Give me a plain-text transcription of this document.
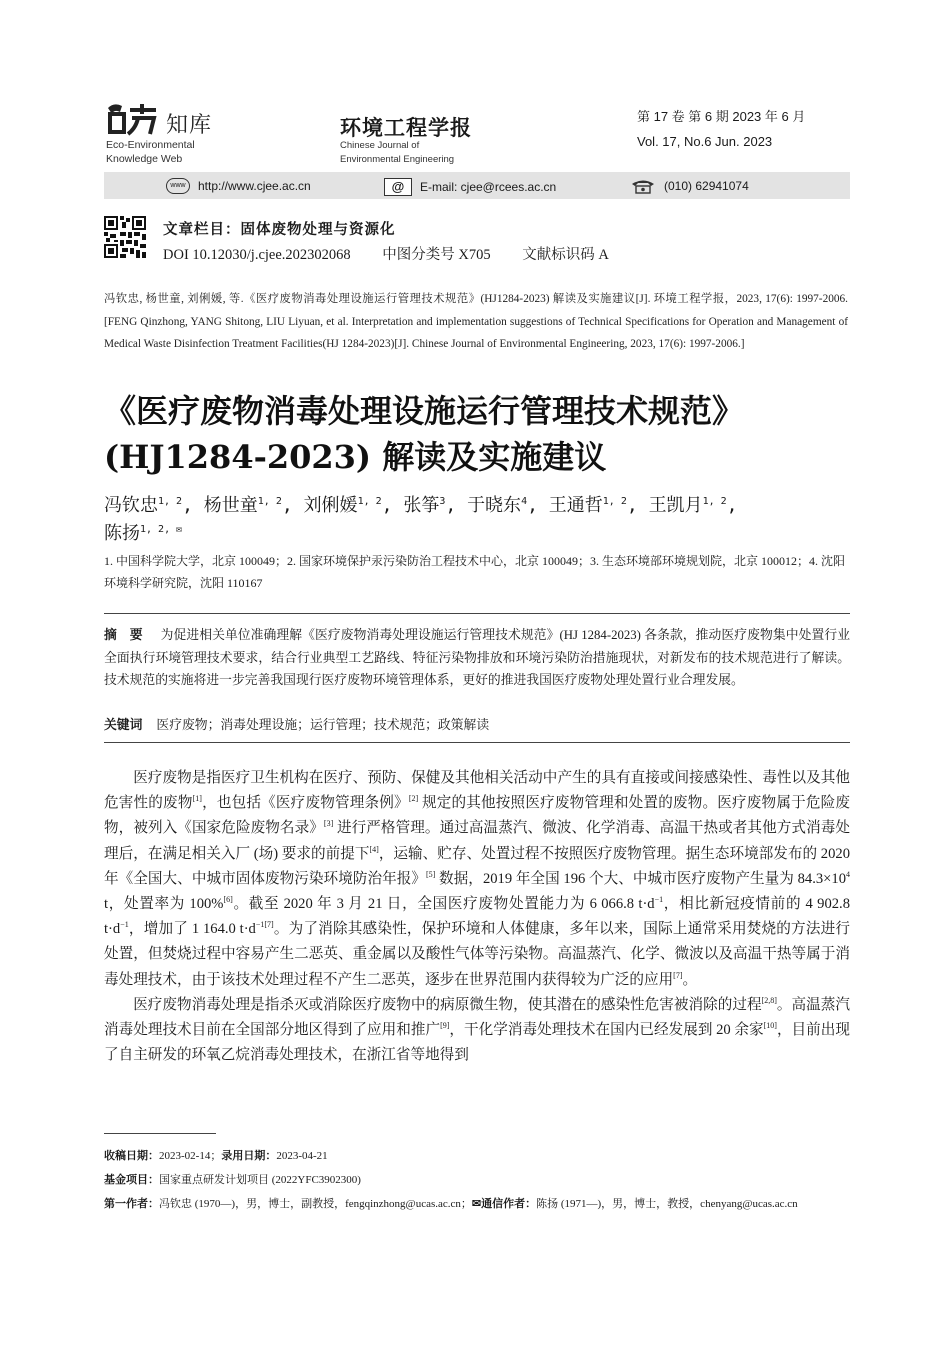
知库
Eco-Environmental
Knowledge Web
环境工程学报
Chinese Journal of
Environmental Engineering
第 17 卷 第 6 期 2023 年 6 月
Vol. 17, No.6 Jun. 2023
www	http://www.cjee.ac.cn	@	E-mail: cjee@rcees.ac.cn	(010) 62941074
文章栏目：固体废物处理与资源化
DOI 10.12030/j.cjee.202302068 中图分类号 X705 文献标识码 A
冯钦忠, 杨世童, 刘俐媛, 等.《医疗废物消毒处理设施运行管理技术规范》(HJ1284-2023) 解读及实施建议[J]. 环境工程学报，2023, 17(6): 1997-2006. [FENG Qinzhong, YANG Shitong, LIU Liyuan, et al. Interpretation and implementation suggestions of Technical Specifications for Operation and Management of Medical Waste Disinfection Treatment Facilities(HJ 1284-2023)[J]. Chinese Journal of Environmental Engineering, 2023, 17(6): 1997-2006.]
《医疗废物消毒处理设施运行管理技术规范》
(HJ1284-2023) 解读及实施建议
冯钦忠$^{1, 2}$, 杨世童$^{1, 2}$, 刘俐媛$^{1, 2}$, 张筝$^3$, 于晓东$^4$, 王通哲$^{1, 2}$, 王凯月$^{1, 2}$,
陈扬$^{1, 2, ✉}$
1. 中国科学院大学，北京 100049；2. 国家环境保护汞污染防治工程技术中心，北京 100049；3. 生态环境部环境规划院，北京 100012；4. 沈阳环境科学研究院，沈阳 110167
摘　要 为促进相关单位准确理解《医疗废物消毒处理设施运行管理技术规范》(HJ 1284-2023) 各条款，推动医疗废物集中处置行业全面执行环境管理技术要求，结合行业典型工艺路线、特征污染物排放和环境污染防治措施现状，对新发布的技术规范进行了解读。技术规范的实施将进一步完善我国现行医疗废物环境管理体系，更好的推进我国医疗废物处理处置行业合理发展。
关键词 医疗废物；消毒处理设施；运行管理；技术规范；政策解读

医疗废物是指医疗卫生机构在医疗、预防、保健及其他相关活动中产生的具有直接或间接感染性、毒性以及其他危害性的废物[1]，也包括《医疗废物管理条例》[2] 规定的其他按照医疗废物管理和处置的废物。医疗废物属于危险废物，被列入《国家危险废物名录》[3] 进行严格管理。通过高温蒸汽、微波、化学消毒、高温干热或者其他方式消毒处理后，在满足相关入厂 (场) 要求的前提下[4]，运输、贮存、处置过程不按照医疗废物管理。据生态环境部发布的 2020 年《全国大、中城市固体废物污染环境防治年报》[5] 数据，2019 年全国 196 个大、中城市医疗废物产生量为 $84.3\times 10^4$ t，处置率为 100%[6]。截至 2020 年 3 月 21 日，全国医疗废物处置能力为 6 066.8 $t\cdot d^{-1}$，相比新冠疫情前的 4 902.8 $t\cdot d^{-1}$，增加了 1 164.0 $t\cdot d^{-1[7]}$。为了消除其感染性，保护环境和人体健康，多年以来，国际上通常采用焚烧的方法进行处置，但焚烧过程中容易产生二恶英、重金属以及酸性气体等污染物。高温蒸汽、化学、微波以及高温干热等属于消毒处理技术，由于该技术处理过程不产生二恶英，逐步在世界范围内获得较为广泛的应用[7]。

医疗废物消毒处理是指杀灭或消除医疗废物中的病原微生物，使其潜在的感染性危害被消除的过程[2,8]。高温蒸汽消毒处理技术目前在全国部分地区得到了应用和推广[9]，干化学消毒处理技术在国内已经发展到 20 余家[10]，目前出现了自主研发的环氧乙烷消毒处理技术，在浙江省等地得到

收稿日期：2023-02-14；录用日期：2023-04-21
基金项目：国家重点研发计划项目 (2022YFC3902300)
第一作者：冯钦忠 (1970—)，男，博士，副教授，fengqinzhong@ucas.ac.cn；✉通信作者：陈扬 (1971—)，男，博士，教授，chenyang@ucas.ac.cn
